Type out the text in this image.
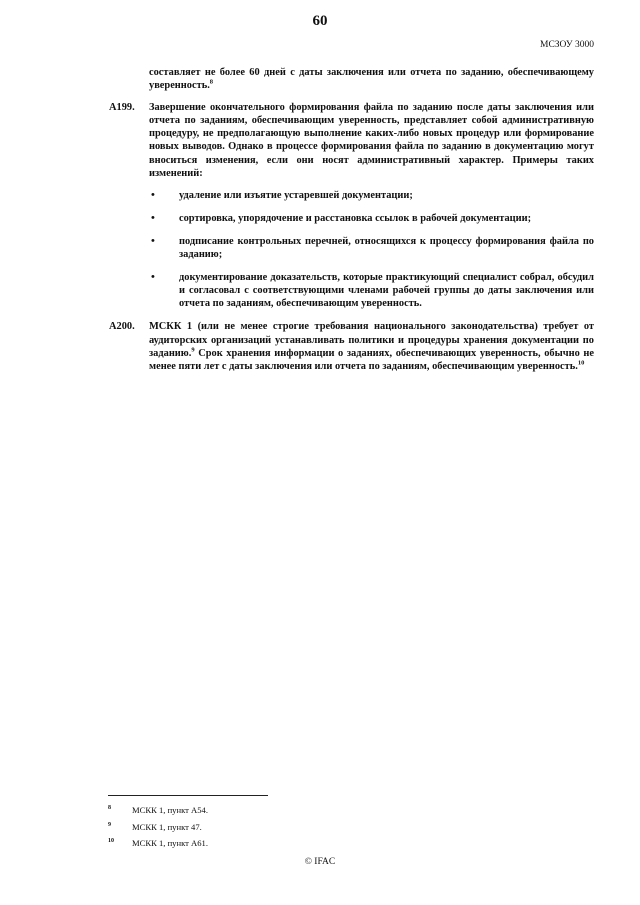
60
МСЗОУ 3000

составляет не более 60 дней с даты заключения или отчета по заданию, обеспечивающему уверенность.$^8$

A199.	Завершение окончательного формирования файла по заданию после даты заключения или отчета по заданиям, обеспечивающим уверенность, представляет собой административную процедуру, не предполагающую выполнение каких-либо новых процедур или формирование новых выводов. Однако в процессе формирования файла по заданию в документацию могут вноситься изменения, если они носят административный характер. Примеры таких изменений:
• удаление или изъятие устаревшей документации;
• сортировка, упорядочение и расстановка ссылок в рабочей документации;
• подписание контрольных перечней, относящихся к процессу формирования файла по заданию;
• документирование доказательств, которые практикующий специалист собрал, обсудил и согласовал с соответствующими членами рабочей группы до даты заключения или отчета по заданиям, обеспечивающим уверенность.
A200.	МСКК 1 (или не менее строгие требования национального законодательства) требует от аудиторских организаций устанавливать политики и процедуры хранения документации по заданию.$^9$ Срок хранения информации о заданиях, обеспечивающих уверенность, обычно не менее пяти лет с даты заключения или отчета по заданиям, обеспечивающим уверенность.$^{10}$
8 МСКК 1, пункт A54.
9 МСКК 1, пункт 47.
10 МСКК 1, пункт A61.
© IFAC
